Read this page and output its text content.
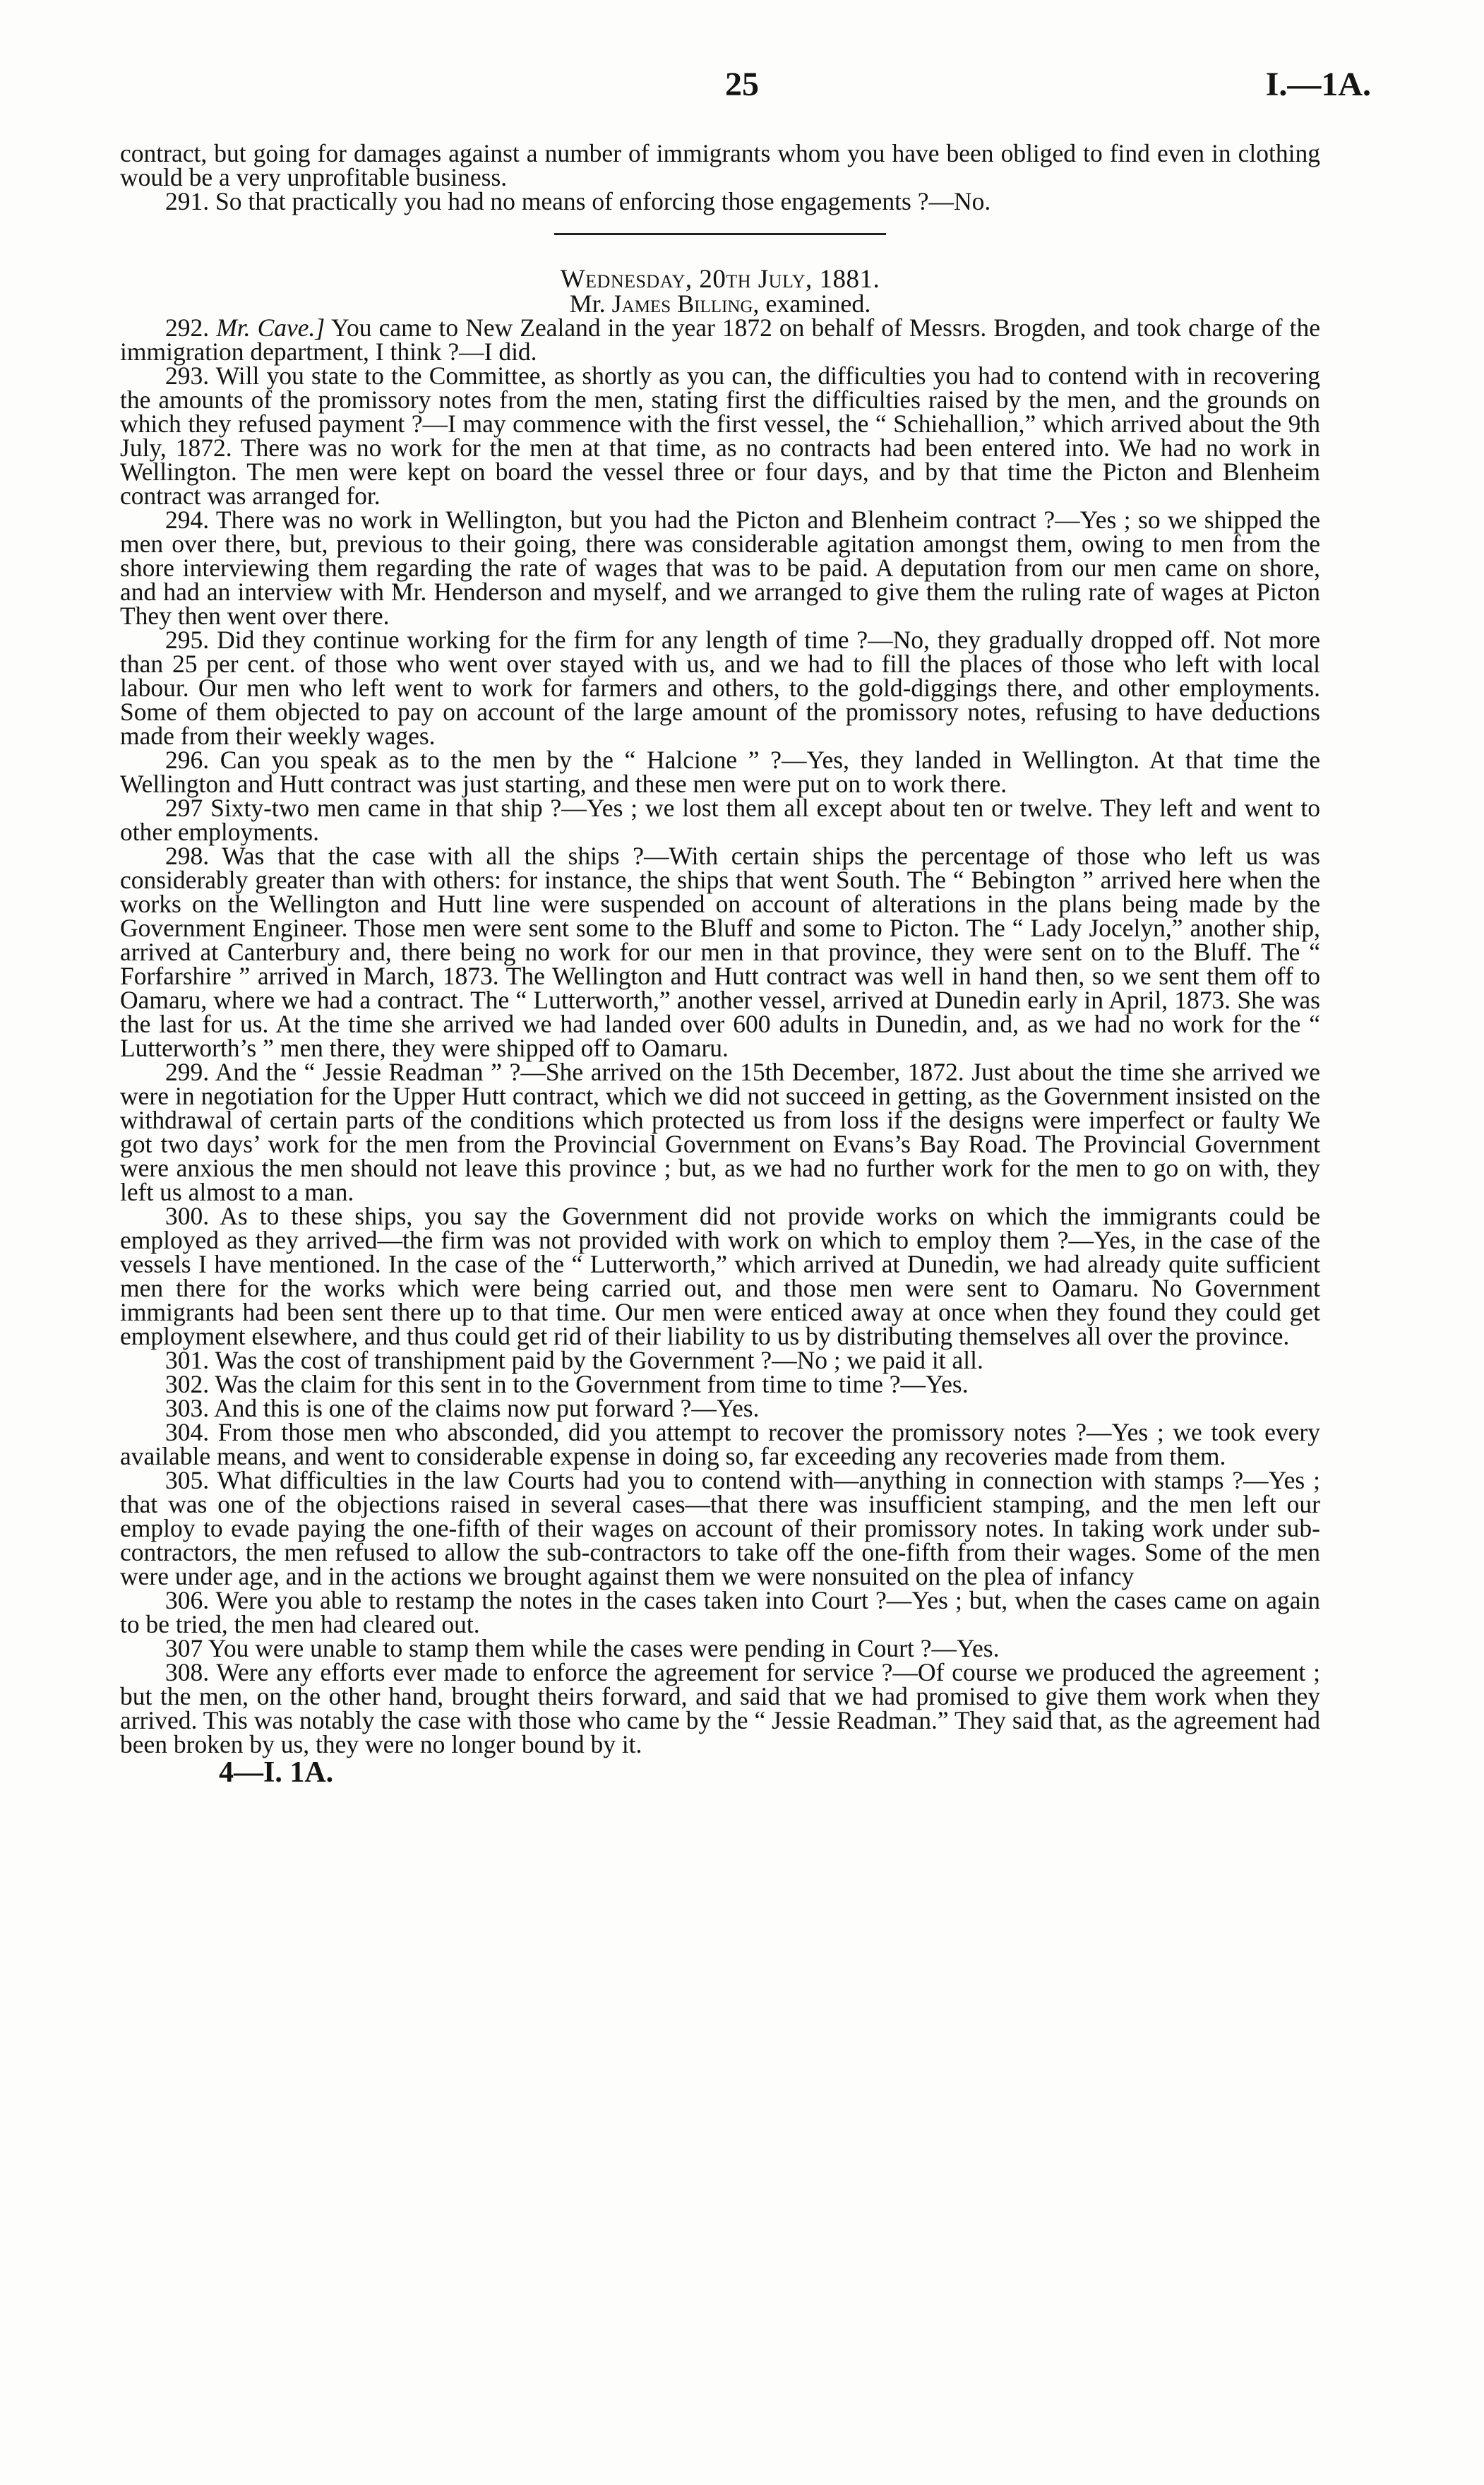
25	I.—1A.

contract, but going for damages against a number of immigrants whom you have been obliged to find even in clothing would be a very unprofitable business.

291. So that practically you had no means of enforcing those engagements ?—No.

Wednesday, 20th July, 1881.

Mr. James Billing, examined.

292. Mr. Cave.] You came to New Zealand in the year 1872 on behalf of Messrs. Brogden, and took charge of the immigration department, I think ?—I did.

293. Will you state to the Committee, as shortly as you can, the difficulties you had to contend with in recovering the amounts of the promissory notes from the men, stating first the difficulties raised by the men, and the grounds on which they refused payment ?—I may commence with the first vessel, the “ Schiehallion,” which arrived about the 9th July, 1872. There was no work for the men at that time, as no contracts had been entered into. We had no work in Wellington. The men were kept on board the vessel three or four days, and by that time the Picton and Blenheim contract was arranged for.

294. There was no work in Wellington, but you had the Picton and Blenheim contract ?—Yes ; so we shipped the men over there, but, previous to their going, there was considerable agitation amongst them, owing to men from the shore interviewing them regarding the rate of wages that was to be paid. A deputation from our men came on shore, and had an interview with Mr. Henderson and myself, and we arranged to give them the ruling rate of wages at Picton They then went over there.

295. Did they continue working for the firm for any length of time ?—No, they gradually dropped off. Not more than 25 per cent. of those who went over stayed with us, and we had to fill the places of those who left with local labour. Our men who left went to work for farmers and others, to the gold-diggings there, and other employments. Some of them objected to pay on account of the large amount of the promissory notes, refusing to have deductions made from their weekly wages.

296. Can you speak as to the men by the “ Halcione ” ?—Yes, they landed in Wellington. At that time the Wellington and Hutt contract was just starting, and these men were put on to work there.

297 Sixty-two men came in that ship ?—Yes ; we lost them all except about ten or twelve. They left and went to other employments.

298. Was that the case with all the ships ?—With certain ships the percentage of those who left us was considerably greater than with others: for instance, the ships that went South. The “ Bebington ” arrived here when the works on the Wellington and Hutt line were suspended on account of alterations in the plans being made by the Government Engineer. Those men were sent some to the Bluff and some to Picton. The “ Lady Jocelyn,” another ship, arrived at Canterbury and, there being no work for our men in that province, they were sent on to the Bluff. The “ Forfarshire ” arrived in March, 1873. The Wellington and Hutt contract was well in hand then, so we sent them off to Oamaru, where we had a contract. The “ Lutterworth,” another vessel, arrived at Dunedin early in April, 1873. She was the last for us. At the time she arrived we had landed over 600 adults in Dunedin, and, as we had no work for the “ Lutterworth’s ” men there, they were shipped off to Oamaru.

299. And the “ Jessie Readman ” ?—She arrived on the 15th December, 1872. Just about the time she arrived we were in negotiation for the Upper Hutt contract, which we did not succeed in getting, as the Government insisted on the withdrawal of certain parts of the conditions which protected us from loss if the designs were imperfect or faulty We got two days’ work for the men from the Provincial Government on Evans’s Bay Road. The Provincial Government were anxious the men should not leave this province ; but, as we had no further work for the men to go on with, they left us almost to a man.

300. As to these ships, you say the Government did not provide works on which the immigrants could be employed as they arrived—the firm was not provided with work on which to employ them ?—Yes, in the case of the vessels I have mentioned. In the case of the “ Lutterworth,” which arrived at Dunedin, we had already quite sufficient men there for the works which were being carried out, and those men were sent to Oamaru. No Government immigrants had been sent there up to that time. Our men were enticed away at once when they found they could get employment elsewhere, and thus could get rid of their liability to us by distributing themselves all over the province.

301. Was the cost of transhipment paid by the Government ?—No ; we paid it all.

302. Was the claim for this sent in to the Government from time to time ?—Yes.

303. And this is one of the claims now put forward ?—Yes.

304. From those men who absconded, did you attempt to recover the promissory notes ?—Yes ; we took every available means, and went to considerable expense in doing so, far exceeding any recoveries made from them.

305. What difficulties in the law Courts had you to contend with—anything in connection with stamps ?—Yes ; that was one of the objections raised in several cases—that there was insufficient stamping, and the men left our employ to evade paying the one-fifth of their wages on account of their promissory notes. In taking work under sub-contractors, the men refused to allow the sub-contractors to take off the one-fifth from their wages. Some of the men were under age, and in the actions we brought against them we were nonsuited on the plea of infancy

306. Were you able to restamp the notes in the cases taken into Court ?—Yes ; but, when the cases came on again to be tried, the men had cleared out.

307 You were unable to stamp them while the cases were pending in Court ?—Yes.

308. Were any efforts ever made to enforce the agreement for service ?—Of course we produced the agreement ; but the men, on the other hand, brought theirs forward, and said that we had promised to give them work when they arrived. This was notably the case with those who came by the “ Jessie Readman.” They said that, as the agreement had been broken by us, they were no longer bound by it.

4—I. 1A.
